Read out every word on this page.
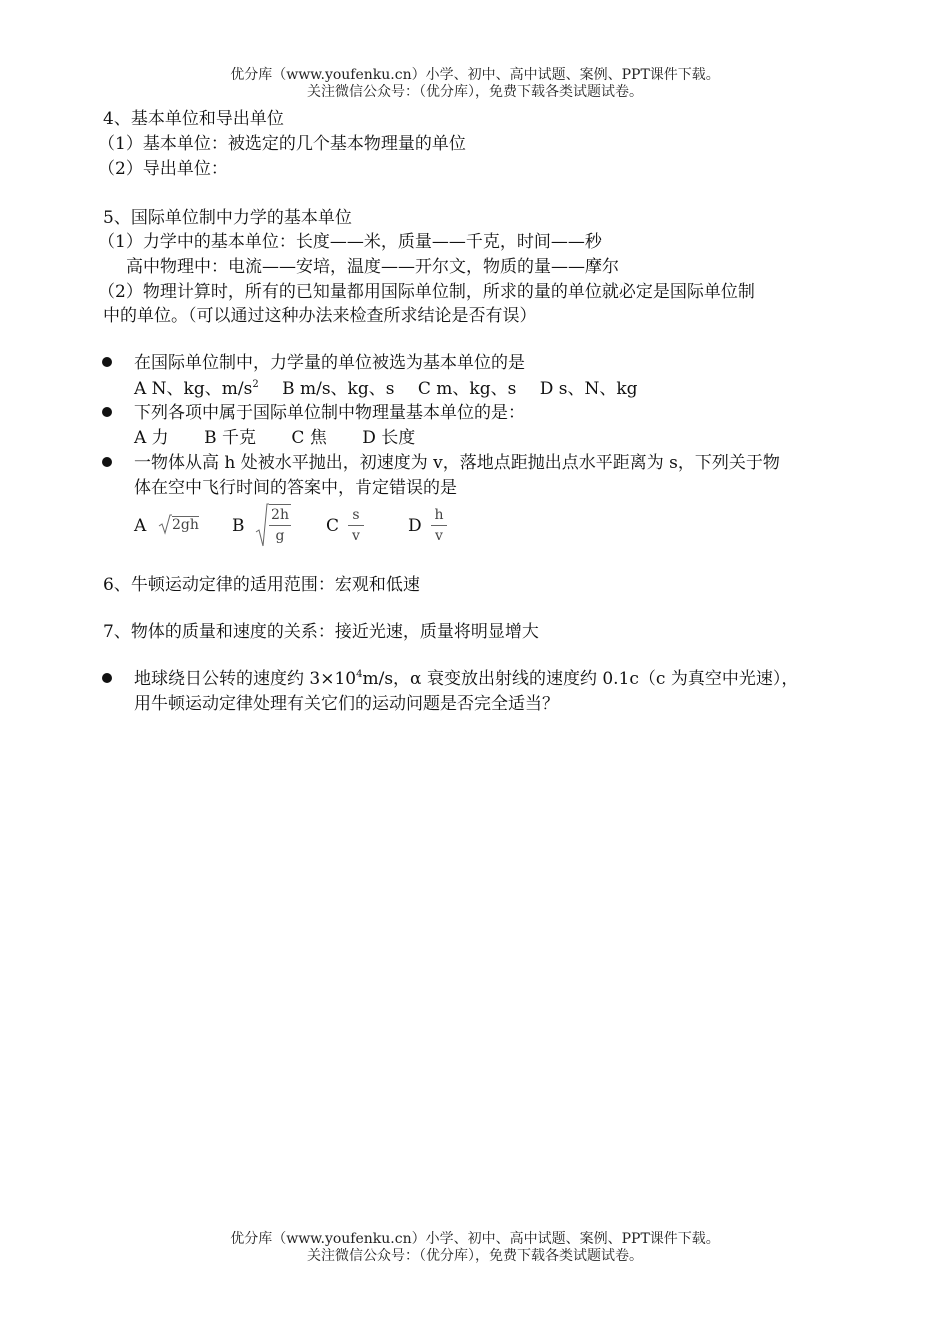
优分库（www.youfenku.cn）小学、初中、高中试题、案例、PPT课件下载。
关注微信公众号：（优分库），免费下载各类试题试卷。
4、基本单位和导出单位
（1）基本单位：被选定的几个基本物理量的单位
（2）导出单位：
5、国际单位制中力学的基本单位
（1）力学中的基本单位：长度——米，质量——千克，时间——秒
高中物理中：电流——安培，温度——开尔文，物质的量——摩尔
（2）物理计算时，所有的已知量都用国际单位制，所求的量的单位就必定是国际单位制
中的单位。（可以通过这种办法来检查所求结论是否有误）
在国际单位制中，力学量的单位被选为基本单位的是
A N、kg、$m/s^2$ B m/s、kg、s C m、kg、s D s、N、kg
下列各项中属于国际单位制中物理量基本单位的是：
A 力 B 千克 C 焦 D 长度
一物体从高 h 处被水平抛出，初速度为 v，落地点距抛出点水平距离为 s，下列关于物
体在空中飞行时间的答案中，肯定错误的是
A 2gh B
2h
g	C
s
v	D
h
v
6、牛顿运动定律的适用范围：宏观和低速
7、物体的质量和速度的关系：接近光速，质量将明显增大
地球绕日公转的速度约 $3\times 10^4m/s$，α 衰变放出射线的速度约 0.1c（c 为真空中光速），
用牛顿运动定律处理有关它们的运动问题是否完全适当？
优分库（www.youfenku.cn）小学、初中、高中试题、案例、PPT课件下载。
关注微信公众号：（优分库），免费下载各类试题试卷。
